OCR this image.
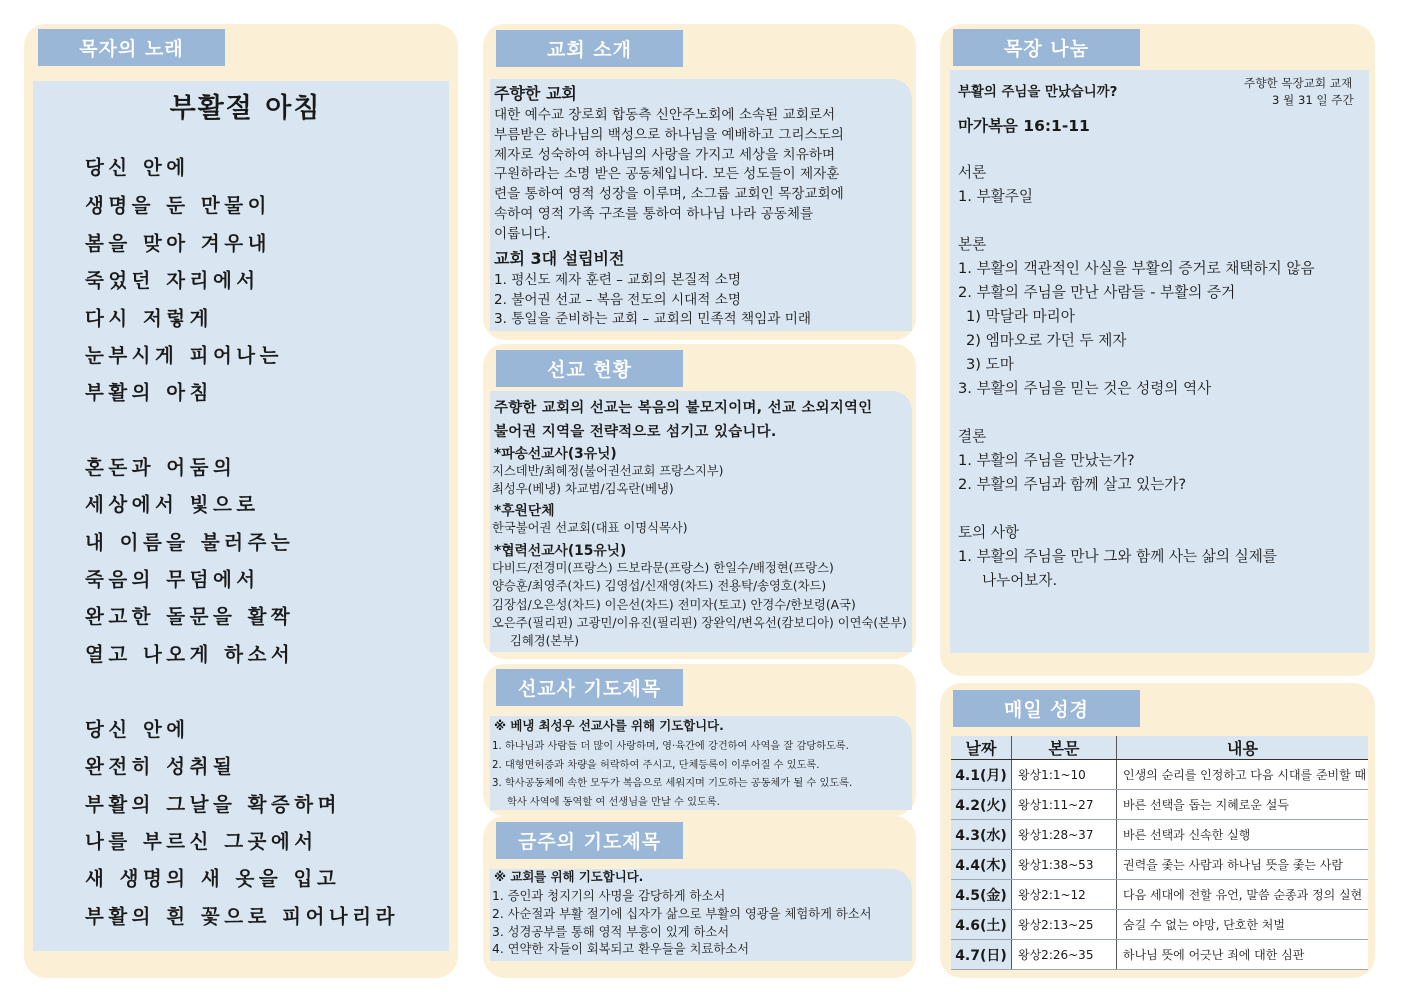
목자의 노래
부활절 아침
당신 안에
생명을 둔 만물이
봄을 맞아 겨우내
죽었던 자리에서
다시 저렇게
눈부시게 피어나는
부활의 아침
혼돈과 어둠의
세상에서 빛으로
내 이름을 불러주는
죽음의 무덤에서
완고한 돌문을 활짝
열고 나오게 하소서
당신 안에
완전히 성취될
부활의 그날을 확증하며
나를 부르신 그곳에서
새 생명의 새 옷을 입고
부활의 흰 꽃으로 피어나리라
교회 소개
주향한 교회
대한 예수교 장로회 합동측 신안주노회에 소속된 교회로서
부름받은 하나님의 백성으로 하나님을 예배하고 그리스도의
제자로 성숙하여 하나님의 사랑을 가지고 세상을 치유하며
구원하라는 소명 받은 공동체입니다. 모든 성도들이 제자훈
련을 통하여 영적 성장을 이루며, 소그룹 교회인 목장교회에
속하여 영적 가족 구조를 통하여 하나님 나라 공동체를
이룹니다.
교회 3대 설립비전
1. 평신도 제자 훈련 – 교회의 본질적 소명
2. 불어권 선교 – 복음 전도의 시대적 소명
3. 통일을 준비하는 교회 – 교회의 민족적 책임과 미래
선교 현황
주향한 교회의 선교는 복음의 불모지이며, 선교 소외지역인
불어권 지역을 전략적으로 섬기고 있습니다.
*파송선교사(3유닛)
지스데반/최혜정(불어권선교회 프랑스지부)
최성우(베냉) 차교범/김옥란(베냉)
*후원단체
한국불어권 선교회(대표 이명식목사)
*협력선교사(15유닛)
다비드/전경미(프랑스) 드보라문(프랑스) 한일수/배정현(프랑스)
양승훈/최영주(차드) 김영섭/신재영(차드) 전용탁/송영호(차드)
김장섭/오은성(차드) 이은선(차드) 전미자(토고) 안경수/한보령(A국)
오은주(필리핀) 고광민/이유진(필리핀) 장완익/변옥선(캄보디아) 이연숙(본부)
김혜경(본부)
선교사 기도제목
※ 베냉 최성우 선교사를 위해 기도합니다.
1. 하나님과 사람들 더 많이 사랑하며, 영·육간에 강건하여 사역을 잘 감당하도록.
2. 대형면허증과 차량을 허락하여 주시고, 단체등록이 이루어질 수 있도록.
3. 학사공동체에 속한 모두가 복음으로 세워지며 기도하는 공동체가 될 수 있도록.
학사 사역에 동역할 여 선생님을 만날 수 있도록.
금주의 기도제목
※ 교회를 위해 기도합니다.
1. 증인과 청지기의 사명을 감당하게 하소서
2. 사순절과 부활 절기에 십자가 삶으로 부활의 영광을 체험하게 하소서
3. 성경공부를 통해 영적 부흥이 있게 하소서
4. 연약한 자들이 회복되고 환우들을 치료하소서
목장 나눔
부활의 주님을 만났습니까?
주향한 목장교회 교재
3 월 31 일 주간
마가복음 16:1-11
서론
1. 부활주일
본론
1. 부활의 객관적인 사실을 부활의 증거로 채택하지 않음
2. 부활의 주님을 만난 사람들 - 부활의 증거
1) 막달라 마리아
2) 엠마오로 가던 두 제자
3) 도마
3. 부활의 주님을 믿는 것은 성령의 역사
결론
1. 부활의 주님을 만났는가?
2. 부활의 주님과 함께 살고 있는가?
토의 사항
1. 부활의 주님을 만나 그와 함께 사는 삶의 실제를
나누어보자.
매일 성경
날짜	본문	내용
4.1(月)	왕상1:1~10	인생의 순리를 인정하고 다음 시대를 준비할 때
4.2(火)	왕상1:11~27	바른 선택을 돕는 지혜로운 설득
4.3(水)	왕상1:28~37	바른 선택과 신속한 실행
4.4(木)	왕상1:38~53	권력을 좇는 사람과 하나님 뜻을 좇는 사람
4.5(金)	왕상2:1~12	다음 세대에 전할 유언, 말씀 순종과 정의 실현
4.6(土)	왕상2:13~25	숨길 수 없는 야망, 단호한 처벌
4.7(日)	왕상2:26~35	하나님 뜻에 어긋난 죄에 대한 심판
